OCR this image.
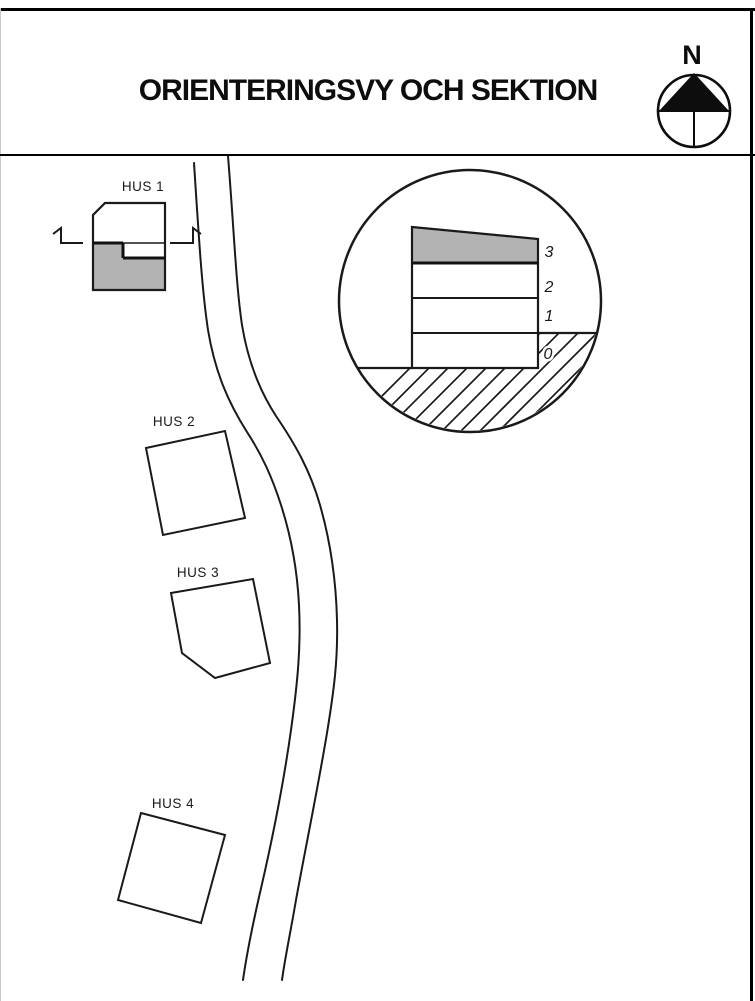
ORIENTERINGSVY OCH SEKTION
N
HUS 1
HUS 2
HUS 3
HUS 4
3
2
1
0
